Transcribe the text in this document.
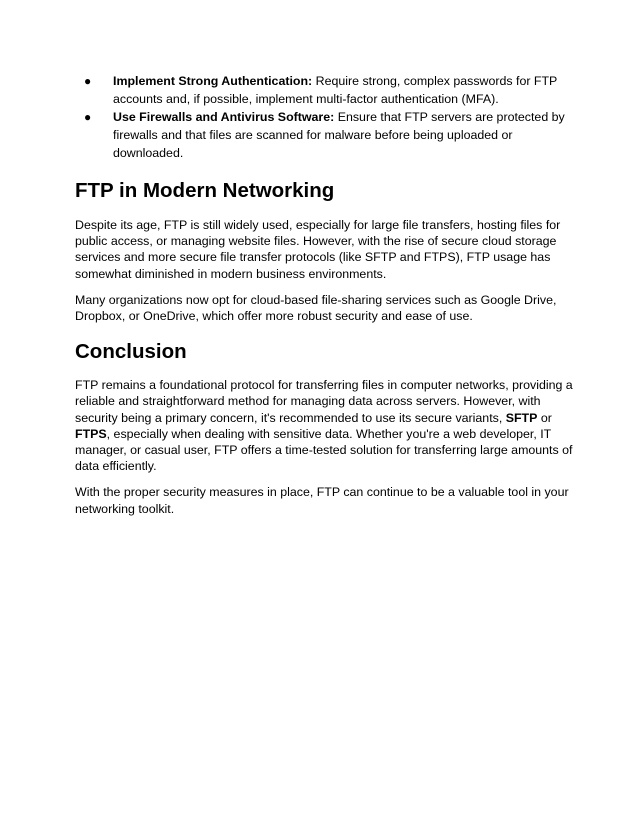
● Implement Strong Authentication: Require strong, complex passwords for FTP accounts and, if possible, implement multi-factor authentication (MFA).
● Use Firewalls and Antivirus Software: Ensure that FTP servers are protected by firewalls and that files are scanned for malware before being uploaded or downloaded.
FTP in Modern Networking

Despite its age, FTP is still widely used, especially for large file transfers, hosting files for public access, or managing website files. However, with the rise of secure cloud storage services and more secure file transfer protocols (like SFTP and FTPS), FTP usage has somewhat diminished in modern business environments.

Many organizations now opt for cloud-based file-sharing services such as Google Drive, Dropbox, or OneDrive, which offer more robust security and ease of use.

Conclusion

FTP remains a foundational protocol for transferring files in computer networks, providing a reliable and straightforward method for managing data across servers. However, with security being a primary concern, it's recommended to use its secure variants, SFTP or FTPS, especially when dealing with sensitive data. Whether you're a web developer, IT manager, or casual user, FTP offers a time-tested solution for transferring large amounts of data efficiently.

With the proper security measures in place, FTP can continue to be a valuable tool in your networking toolkit.
